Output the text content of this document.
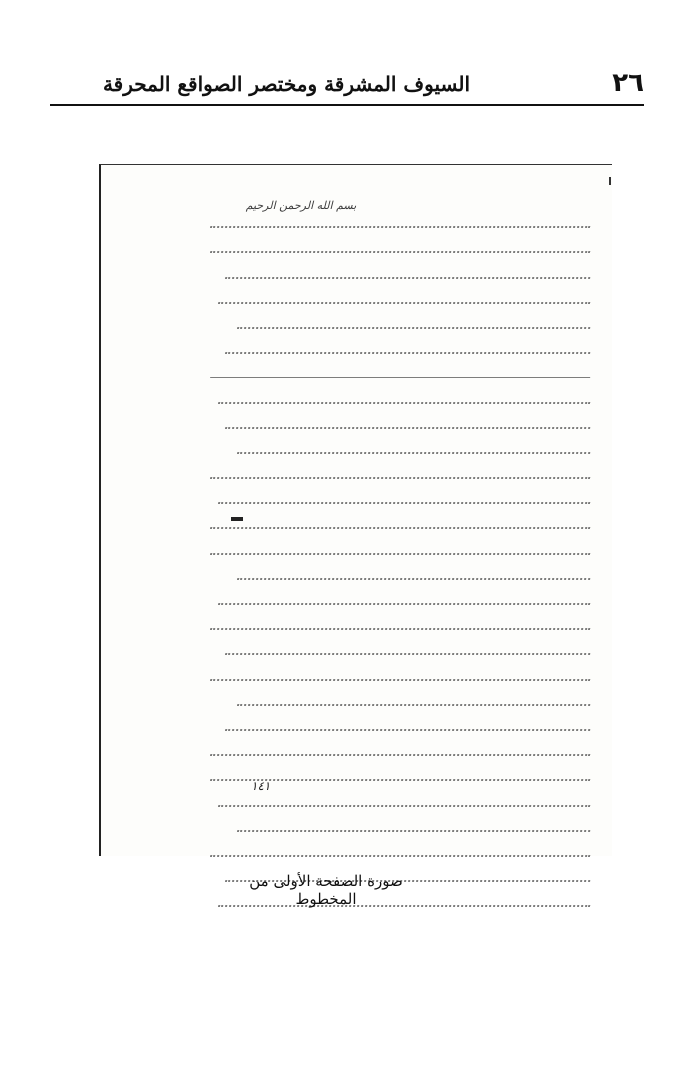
٢٦
السيوف المشرقة ومختصر الصواقع المحرقة
بسم الله الرحمن الرحيم
١٤١
صورة الصفحة الأولى من المخطوط
